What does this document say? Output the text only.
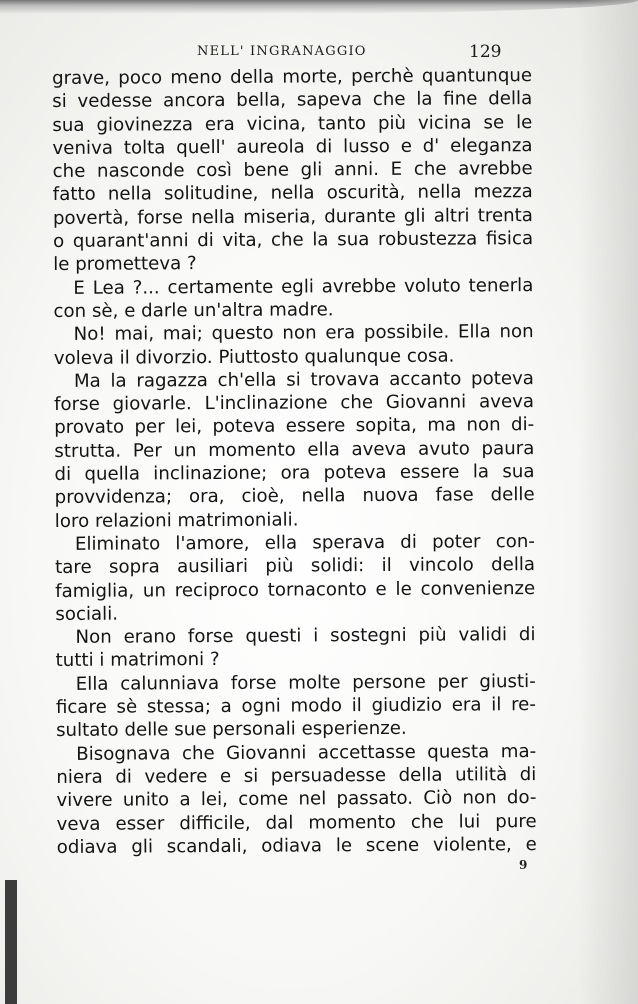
NELL' INGRANAGGIO	129
grave, poco meno della morte, perchè quantunque
si vedesse ancora bella, sapeva che la fine della
sua giovinezza era vicina, tanto più vicina se le
veniva tolta quell' aureola di lusso e d' eleganza
che nasconde così bene gli anni. E che avrebbe
fatto nella solitudine, nella oscurità, nella mezza
povertà, forse nella miseria, durante gli altri trenta
o quarant'anni di vita, che la sua robustezza fisica
le prometteva ?
E Lea ?... certamente egli avrebbe voluto tenerla
con sè, e darle un'altra madre.
No! mai, mai; questo non era possibile. Ella non
voleva il divorzio. Piuttosto qualunque cosa.
Ma la ragazza ch'ella si trovava accanto poteva
forse giovarle. L'inclinazione che Giovanni aveva
provato per lei, poteva essere sopita, ma non di-
strutta. Per un momento ella aveva avuto paura
di quella inclinazione; ora poteva essere la sua
provvidenza; ora, cioè, nella nuova fase delle
loro relazioni matrimoniali.
Eliminato l'amore, ella sperava di poter con-
tare sopra ausiliari più solidi: il vincolo della
famiglia, un reciproco tornaconto e le convenienze
sociali.
Non erano forse questi i sostegni più validi di
tutti i matrimoni ?
Ella calunniava forse molte persone per giusti-
ficare sè stessa; a ogni modo il giudizio era il re-
sultato delle sue personali esperienze.
Bisognava che Giovanni accettasse questa ma-
niera di vedere e si persuadesse della utilità di
vivere unito a lei, come nel passato. Ciò non do-
veva esser difficile, dal momento che lui pure
odiava gli scandali, odiava le scene violente, e
9
